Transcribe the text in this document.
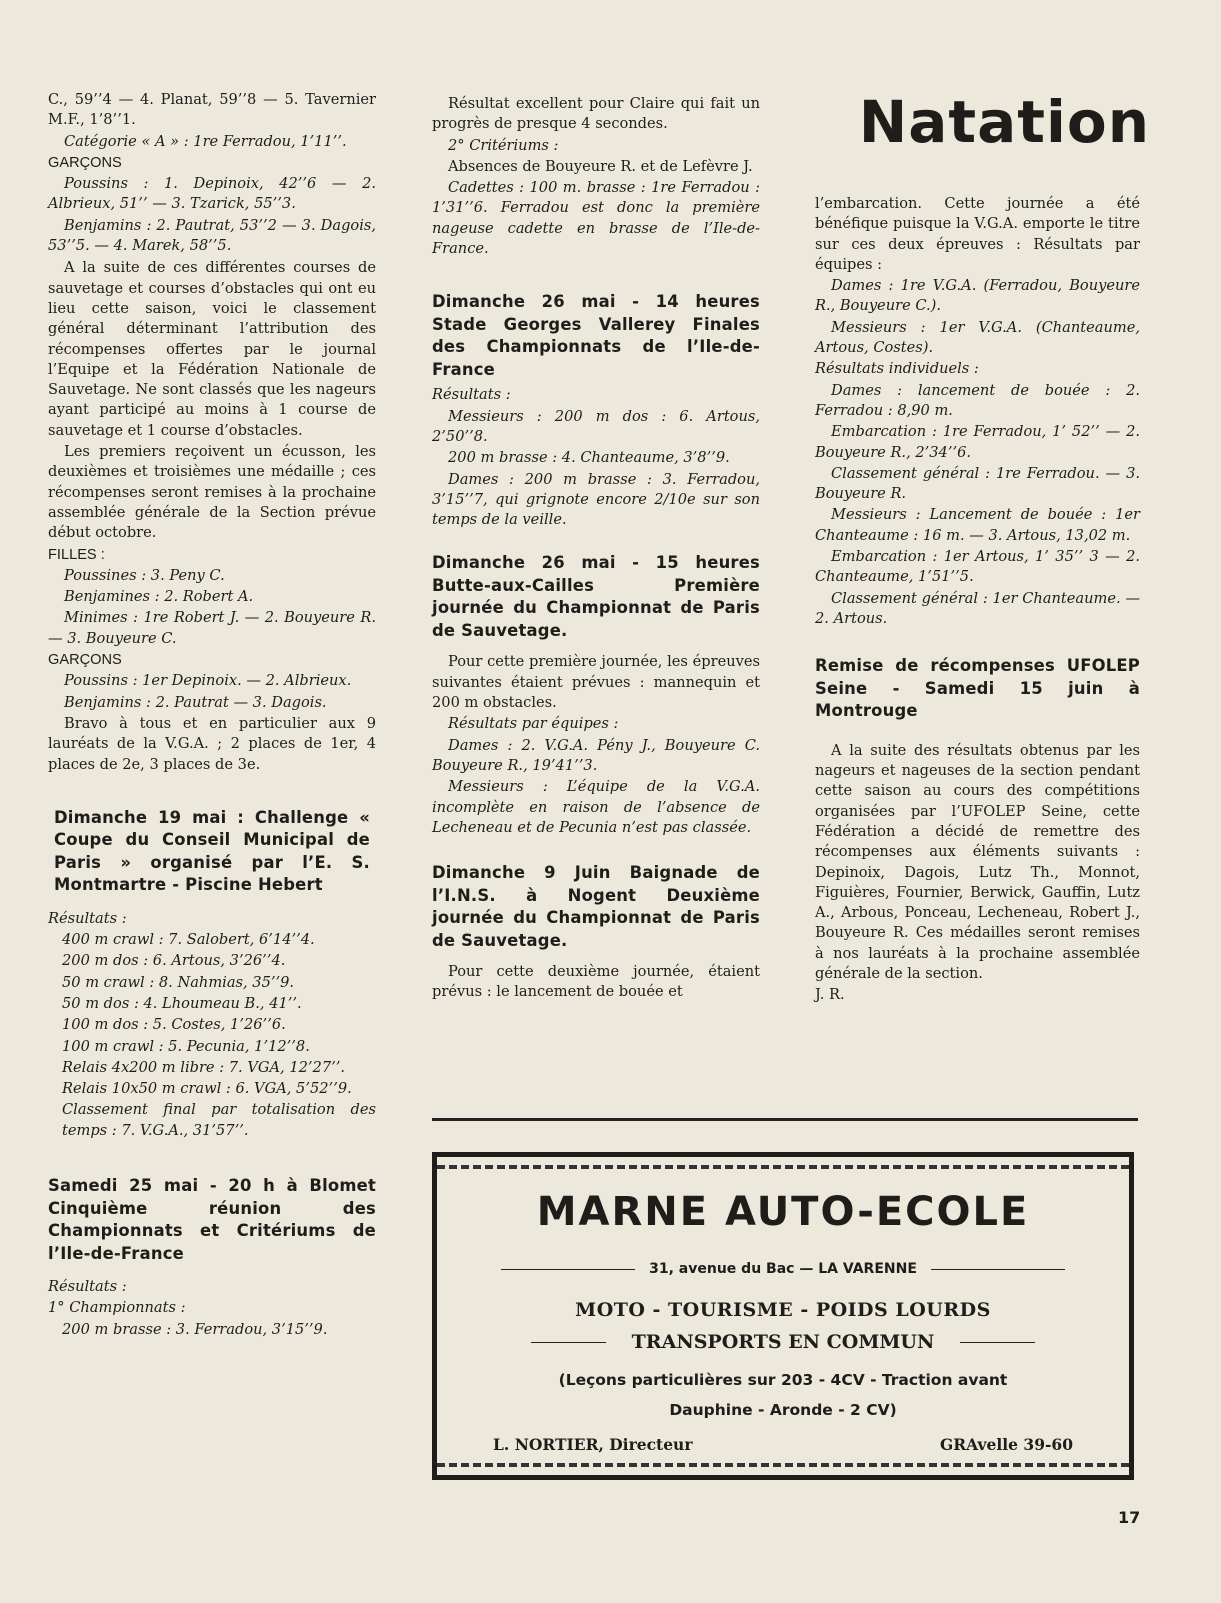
C., 59’’4 — 4. Planat, 59’’8 — 5. Tavernier M.F., 1’8’’1.

Catégorie « A » : 1re Ferradou, 1’11’’.

GARÇONS

Poussins : 1. Depinoix, 42’’6 — 2. Albrieux, 51’’ — 3. Tzarick, 55’’3.

Benjamins : 2. Pautrat, 53’’2 — 3. Dagois, 53’’5. — 4. Marek, 58’’5.

A la suite de ces différentes courses de sauvetage et courses d’obstacles qui ont eu lieu cette saison, voici le classement général déterminant l’attribution des récompenses offertes par le journal l’Equipe et la Fédération Nationale de Sauvetage. Ne sont classés que les nageurs ayant participé au moins à 1 course de sauvetage et 1 course d’obstacles.

Les premiers reçoivent un écusson, les deuxièmes et troisièmes une médaille ; ces récompenses seront remises à la prochaine assemblée générale de la Section prévue début octobre.

FILLES :

Poussines : 3. Peny C.

Benjamines : 2. Robert A.

Minimes : 1re Robert J. — 2. Bouyeure R. — 3. Bouyeure C.

GARÇONS

Poussins : 1er Depinoix. — 2. Albrieux.

Benjamins : 2. Pautrat — 3. Dagois.

Bravo à tous et en particulier aux 9 lauréats de la V.G.A. ; 2 places de 1er, 4 places de 2e, 3 places de 3e.

Dimanche 19 mai : Challenge « Coupe du Conseil Municipal de Paris » organisé par l’E. S. Montmartre - Piscine Hebert

Résultats :

400 m crawl : 7. Salobert, 6’14’’4.

200 m dos : 6. Artous, 3’26’’4.

50 m crawl : 8. Nahmias, 35’’9.

50 m dos : 4. Lhoumeau B., 41’’.

100 m dos : 5. Costes, 1’26’’6.

100 m crawl : 5. Pecunia, 1’12’’8.

Relais 4x200 m libre : 7. VGA, 12’27’’.

Relais 10x50 m crawl : 6. VGA, 5’52’’9.

Classement final par totalisation des temps : 7. V.G.A., 31’57’’.

Samedi 25 mai - 20 h à Blomet Cinquième réunion des Championnats et Critériums de l’Ile-de-France

Résultats :

1° Championnats :

200 m brasse : 3. Ferradou, 3’15’’9.

Résultat excellent pour Claire qui fait un progrès de presque 4 secondes.

2° Critériums :

Absences de Bouyeure R. et de Lefèvre J.

Cadettes : 100 m. brasse : 1re Ferradou : 1’31’’6. Ferradou est donc la première nageuse cadette en brasse de l’Ile-de-France.

Dimanche 26 mai - 14 heures Stade Georges Vallerey Finales des Championnats de l’Ile-de-France

Résultats :

Messieurs : 200 m dos : 6. Artous, 2’50’’8.

200 m brasse : 4. Chanteaume, 3’8’’9.

Dames : 200 m brasse : 3. Ferradou, 3’15’’7, qui grignote encore 2/10e sur son temps de la veille.

Dimanche 26 mai - 15 heures Butte-aux-Cailles Première journée du Championnat de Paris de Sauvetage.

Pour cette première journée, les épreuves suivantes étaient prévues : mannequin et 200 m obstacles.

Résultats par équipes :

Dames : 2. V.G.A. Pény J., Bouyeure C. Bouyeure R., 19’41’’3.

Messieurs : L’équipe de la V.G.A. incomplète en raison de l’absence de Lecheneau et de Pecunia n’est pas classée.

Dimanche 9 Juin Baignade de l’I.N.S. à Nogent Deuxième journée du Championnat de Paris de Sauvetage.

Pour cette deuxième journée, étaient prévus : le lancement de bouée et

Natation

l’embarcation. Cette journée a été bénéfique puisque la V.G.A. emporte le titre sur ces deux épreuves : Résultats par équipes :

Dames : 1re V.G.A. (Ferradou, Bouyeure R., Bouyeure C.).

Messieurs : 1er V.G.A. (Chanteaume, Artous, Costes).

Résultats individuels :

Dames : lancement de bouée : 2. Ferradou : 8,90 m.

Embarcation : 1re Ferradou, 1’ 52’’ — 2. Bouyeure R., 2’34’’6.

Classement général : 1re Ferradou. — 3. Bouyeure R.

Messieurs : Lancement de bouée : 1er Chanteaume : 16 m. — 3. Artous, 13,02 m.

Embarcation : 1er Artous, 1’ 35’’ 3 — 2. Chanteaume, 1’51’’5.

Classement général : 1er Chanteaume. — 2. Artous.

Remise de récompenses UFOLEP Seine - Samedi 15 juin à Montrouge

A la suite des résultats obtenus par les nageurs et nageuses de la section pendant cette saison au cours des compétitions organisées par l’UFOLEP Seine, cette Fédération a décidé de remettre des récompenses aux éléments suivants : Depinoix, Dagois, Lutz Th., Monnot, Figuières, Fournier, Berwick, Gauffin, Lutz A., Arbous, Ponceau, Lecheneau, Robert J., Bouyeure R. Ces médailles seront remises à nos lauréats à la prochaine assemblée générale de la section.

J. R.

MARNE AUTO-ECOLE

31, avenue du Bac — LA VARENNE

MOTO - TOURISME - POIDS LOURDS

TRANSPORTS EN COMMUN

(Leçons particulières sur 203 - 4CV - Traction avant

Dauphine - Aronde - 2 CV)

L. NORTIER, Directeur	GRAvelle 39-60

17
